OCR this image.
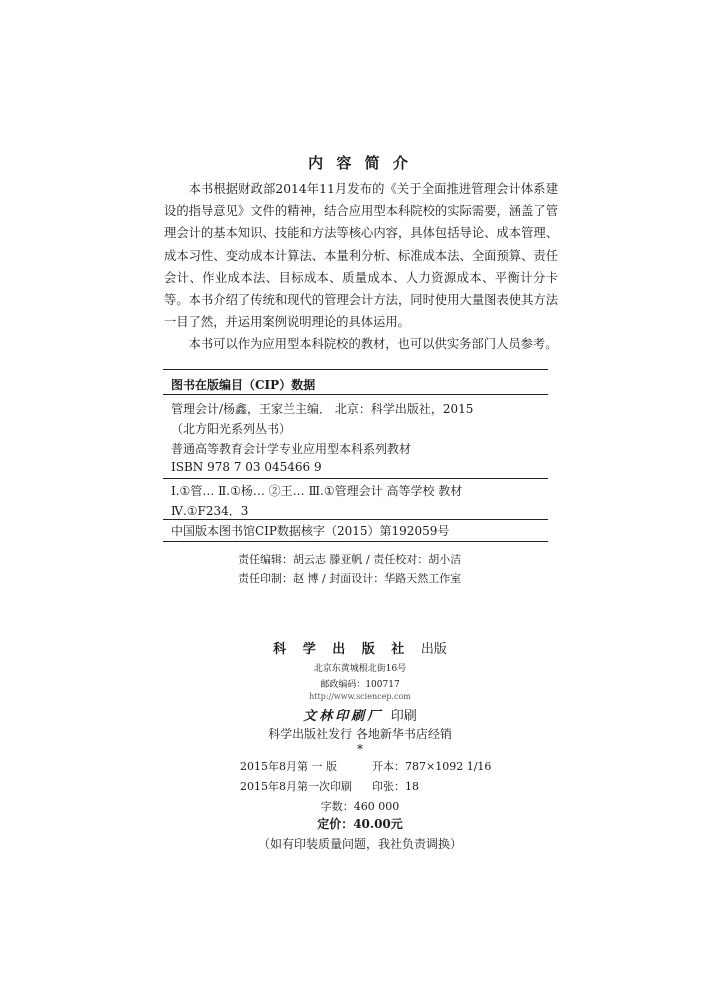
内 容 简 介

本书根据财政部2014年11月发布的《关于全面推进管理会计体系建设的指导意见》文件的精神，结合应用型本科院校的实际需要，涵盖了管理会计的基本知识、技能和方法等核心内容，具体包括导论、成本管理、成本习性、变动成本计算法、本量利分析、标准成本法、全面预算、责任会计、作业成本法、目标成本、质量成本、人力资源成本、平衡计分卡等。本书介绍了传统和现代的管理会计方法，同时使用大量图表使其方法一目了然，并运用案例说明理论的具体运用。

本书可以作为应用型本科院校的教材，也可以供实务部门人员参考。

图书在版编目（CIP）数据
管理会计/杨鑫，王家兰主编． 北京：科学出版社，2015
（北方阳光系列丛书）
普通高等教育会计学专业应用型本科系列教材
ISBN 978 7 03 045466 9
Ⅰ.①管… Ⅱ.①杨… ②王… Ⅲ.①管理会计 高等学校 教材
Ⅳ.①F234．3
中国版本图书馆CIP数据核字（2015）第192059号
责任编辑：胡云志 滕亚帆 / 责任校对：胡小洁
责任印制：赵 博 / 封面设计：华路天然工作室
科 学 出 版 社 出版
北京东黄城根北街16号
邮政编码：100717
http://www.sciencep.com
文林印刷厂 印刷
科学出版社发行 各地新华书店经销
*
2015年8月第 一 版	开本：787×1092 1/16
2015年8月第一次印刷 印张：18
字数：460 000
定价：40.00元
（如有印装质量问题，我社负责调换）
